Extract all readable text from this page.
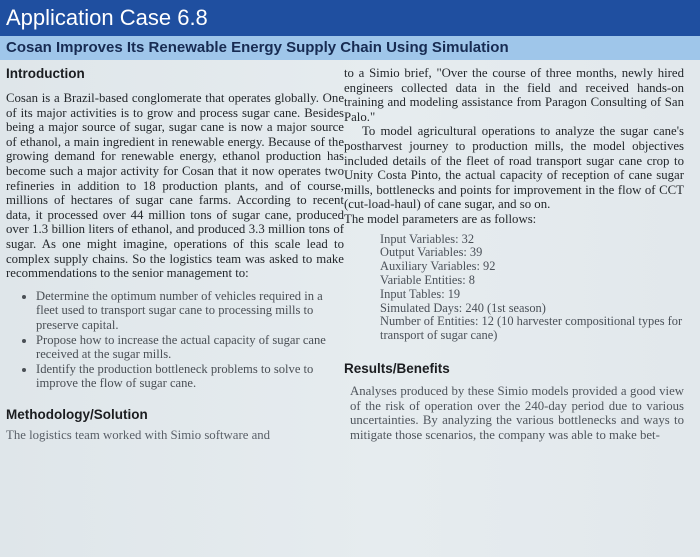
Application Case 6.8
Cosan Improves Its Renewable Energy Supply Chain Using Simulation
Introduction

Cosan is a Brazil-based conglomerate that operates globally. One of its major activities is to grow and process sugar cane. Besides being a major source of sugar, sugar cane is now a major source of ethanol, a main ingredient in renewable energy. Because of the growing demand for renewable energy, ethanol production has become such a major activity for Cosan that it now operates two refineries in addition to 18 production plants, and of course, millions of hectares of sugar cane farms. According to recent data, it processed over 44 million tons of sugar cane, produced over 1.3 billion liters of ethanol, and produced 3.3 million tons of sugar. As one might imagine, operations of this scale lead to complex supply chains. So the logistics team was asked to make recommendations to the senior management to:

• Determine the optimum number of vehicles required in a fleet used to transport sugar cane to processing mills to preserve capital.
• Propose how to increase the actual capacity of sugar cane received at the sugar mills.
• Identify the production bottleneck problems to solve to improve the flow of sugar cane.
Methodology/Solution

The logistics team worked with Simio software and

to a Simio brief, "Over the course of three months, newly hired engineers collected data in the field and received hands-on training and modeling assistance from Paragon Consulting of San Palo."

To model agricultural operations to analyze the sugar cane's postharvest journey to production mills, the model objectives included details of the fleet of road transport sugar cane crop to Unity Costa Pinto, the actual capacity of reception of cane sugar mills, bottlenecks and points for improvement in the flow of CCT (cut-load-haul) of cane sugar, and so on.

The model parameters are as follows:

Input Variables: 32
Output Variables: 39
Auxiliary Variables: 92
Variable Entities: 8
Input Tables: 19
Simulated Days: 240 (1st season)
Number of Entities: 12 (10 harvester compositional types for transport of sugar cane)
Results/Benefits

Analyses produced by these Simio models provided a good view of the risk of operation over the 240-day period due to various uncertainties. By analyzing the various bottlenecks and ways to mitigate those scenarios, the company was able to make bet-
